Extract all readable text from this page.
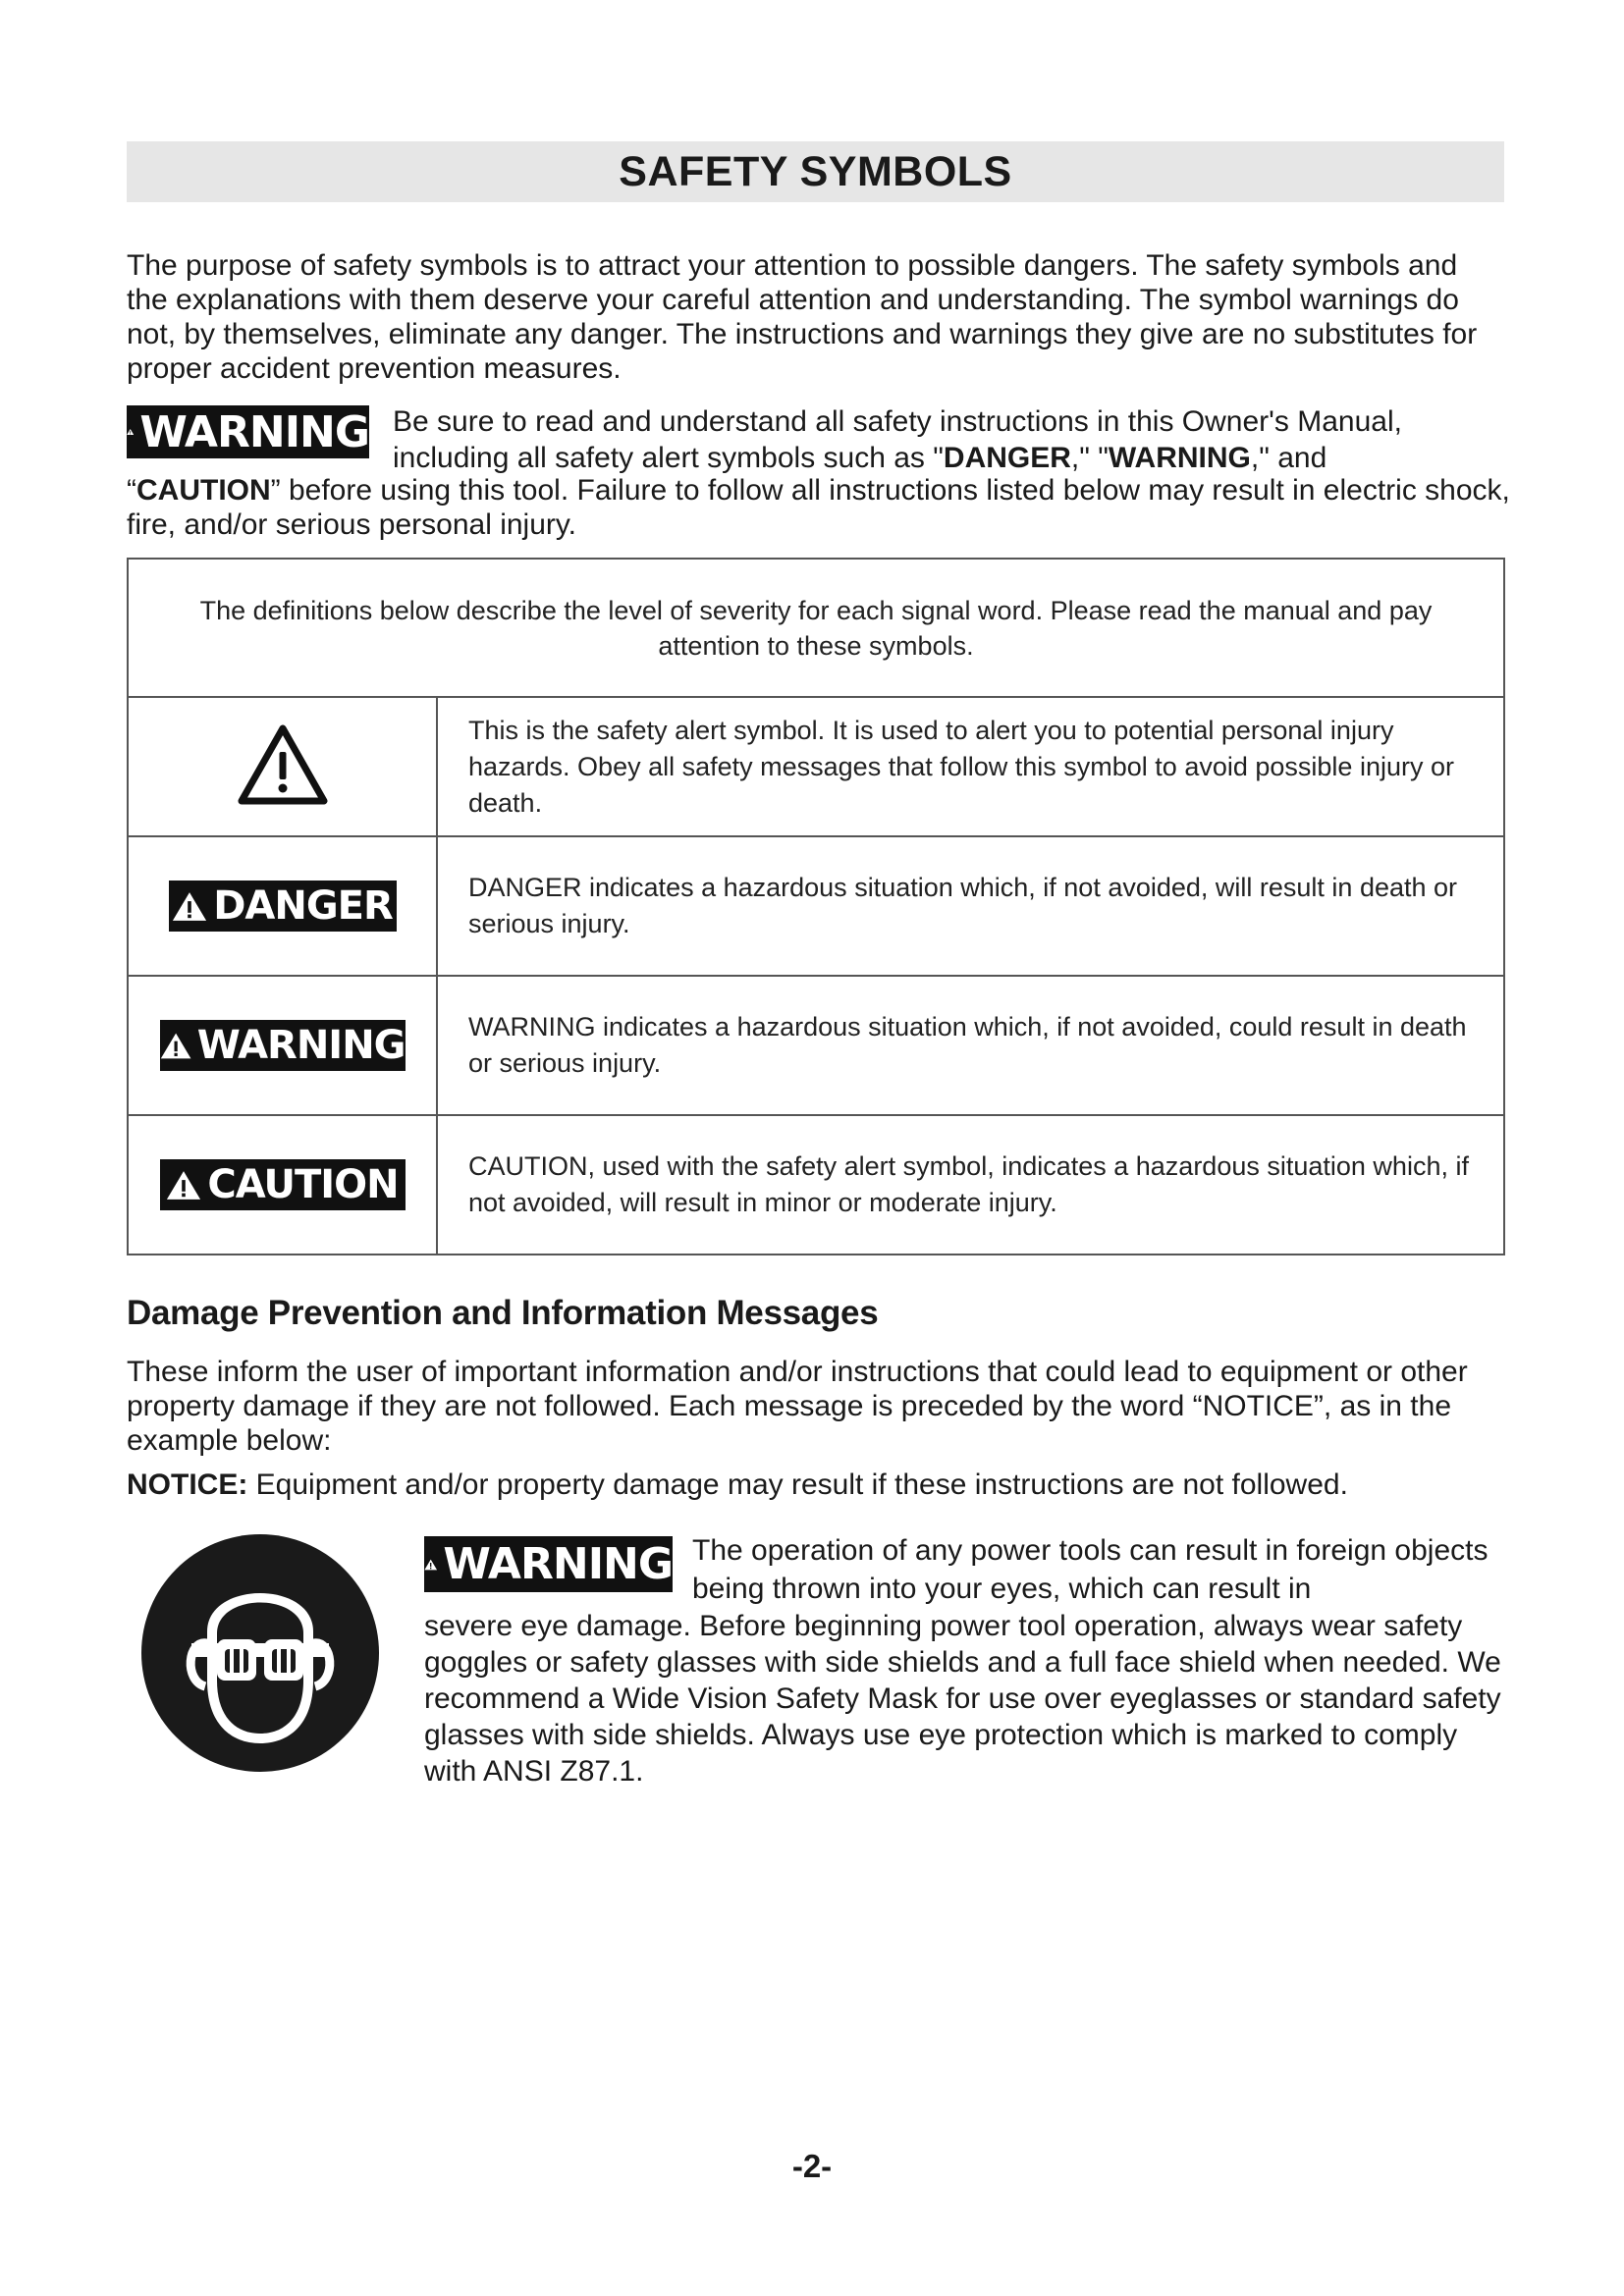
SAFETY SYMBOLS

The purpose of safety symbols is to attract your attention to possible dangers. The safety symbols and the explanations with them deserve your careful attention and understanding. The symbol warnings do not, by themselves, eliminate any danger. The instructions and warnings they give are no substitutes for proper accident prevention measures.

WARNING Be sure to read and understand all safety instructions in this Owner's Manual, including all safety alert symbols such as "DANGER," "WARNING," and

“CAUTION” before using this tool. Failure to follow all instructions listed below may result in electric shock, fire, and/or serious personal injury.

The definitions below describe the level of severity for each signal word. Please read the manual and pay attention to these symbols.	
	This is the safety alert symbol. It is used to alert you to potential personal injury hazards. Obey all safety messages that follow this symbol to avoid possible injury or death.

DANGER	DANGER indicates a hazardous situation which, if not avoided, will result in death or serious injury.

WARNING	WARNING indicates a hazardous situation which, if not avoided, could result in death or serious injury.

CAUTION	CAUTION, used with the safety alert symbol, indicates a hazardous situation which, if not avoided, will result in minor or moderate injury.
Damage Prevention and Information Messages

These inform the user of important information and/or instructions that could lead to equipment or other property damage if they are not followed. Each message is preceded by the word “NOTICE”, as in the example below:

NOTICE: Equipment and/or property damage may result if these instructions are not followed.

WARNING The operation of any power tools can result in foreign objects being thrown into your eyes, which can result in

severe eye damage. Before beginning power tool operation, always wear safety goggles or safety glasses with side shields and a full face shield when needed. We recommend a Wide Vision Safety Mask for use over eyeglasses or standard safety glasses with side shields. Always use eye protection which is marked to comply with ANSI Z87.1.

-2-
